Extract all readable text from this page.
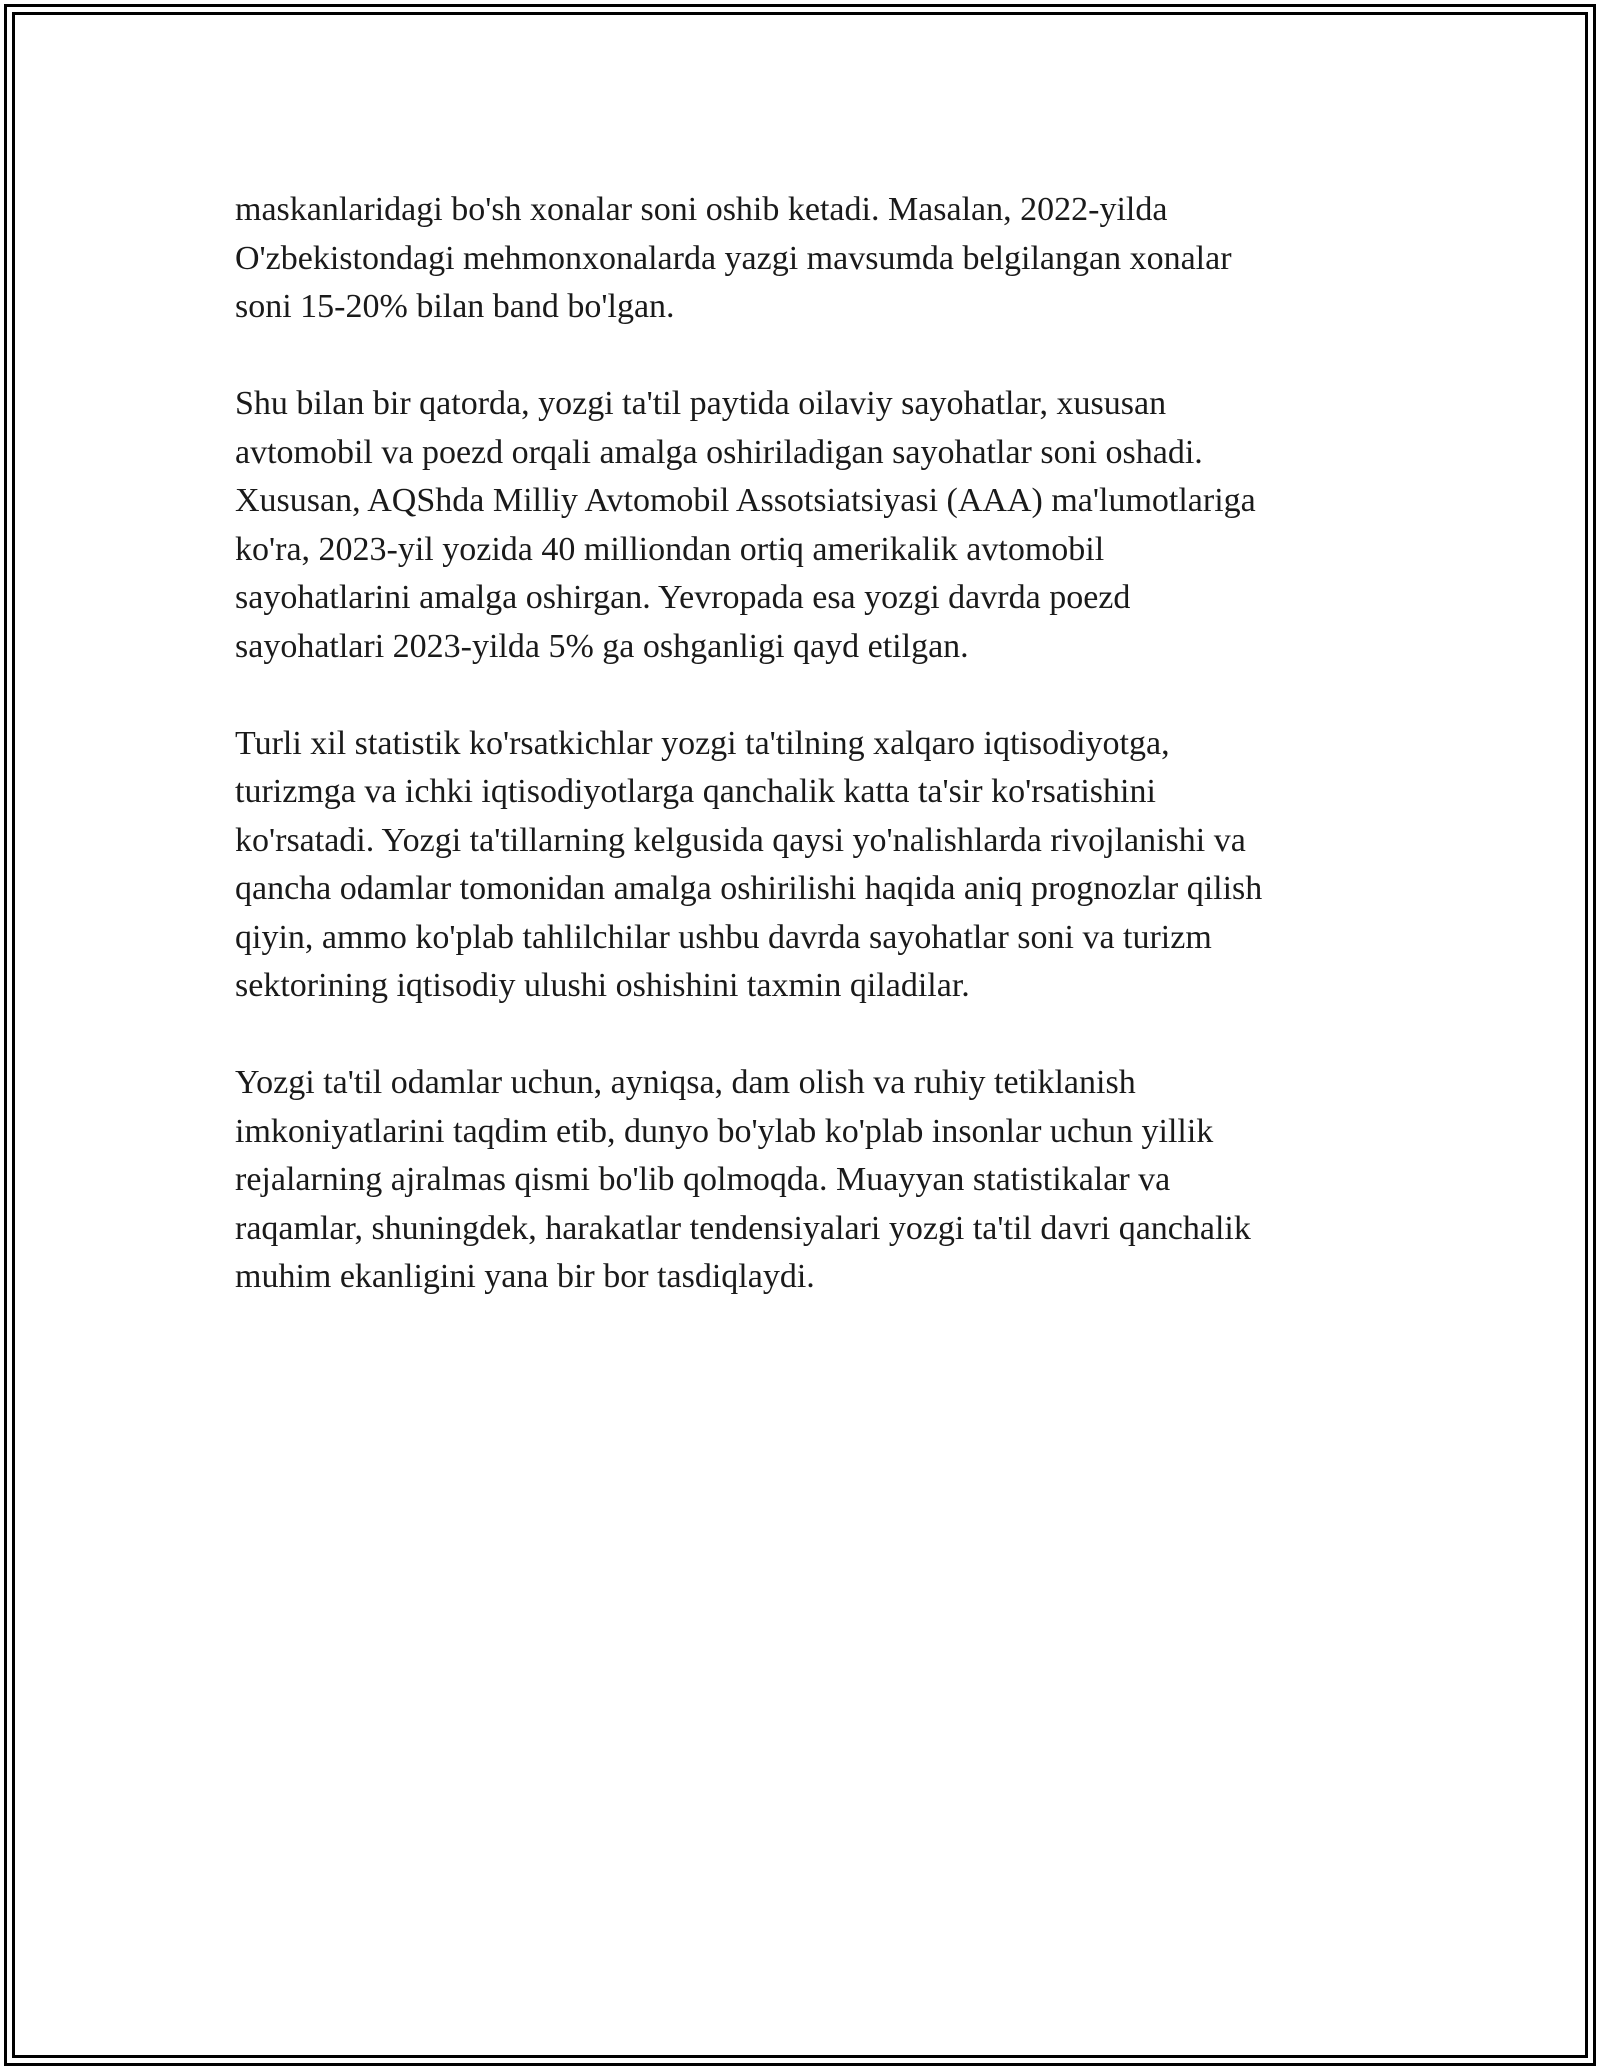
maskanlaridagi bo'sh xonalar soni oshib ketadi. Masalan, 2022-yilda
O'zbekistondagi mehmonxonalarda yazgi mavsumda belgilangan xonalar
soni 15-20% bilan band bo'lgan.

Shu bilan bir qatorda, yozgi ta'til paytida oilaviy sayohatlar, xususan
avtomobil va poezd orqali amalga oshiriladigan sayohatlar soni oshadi.
Xususan, AQShda Milliy Avtomobil Assotsiatsiyasi (AAA) ma'lumotlariga
ko'ra, 2023-yil yozida 40 milliondan ortiq amerikalik avtomobil
sayohatlarini amalga oshirgan. Yevropada esa yozgi davrda poezd
sayohatlari 2023-yilda 5% ga oshganligi qayd etilgan.

Turli xil statistik ko'rsatkichlar yozgi ta'tilning xalqaro iqtisodiyotga,
turizmga va ichki iqtisodiyotlarga qanchalik katta ta'sir ko'rsatishini
ko'rsatadi. Yozgi ta'tillarning kelgusida qaysi yo'nalishlarda rivojlanishi va
qancha odamlar tomonidan amalga oshirilishi haqida aniq prognozlar qilish
qiyin, ammo ko'plab tahlilchilar ushbu davrda sayohatlar soni va turizm
sektorining iqtisodiy ulushi oshishini taxmin qiladilar.

Yozgi ta'til odamlar uchun, ayniqsa, dam olish va ruhiy tetiklanish
imkoniyatlarini taqdim etib, dunyo bo'ylab ko'plab insonlar uchun yillik
rejalarning ajralmas qismi bo'lib qolmoqda. Muayyan statistikalar va
raqamlar, shuningdek, harakatlar tendensiyalari yozgi ta'til davri qanchalik
muhim ekanligini yana bir bor tasdiqlaydi.
